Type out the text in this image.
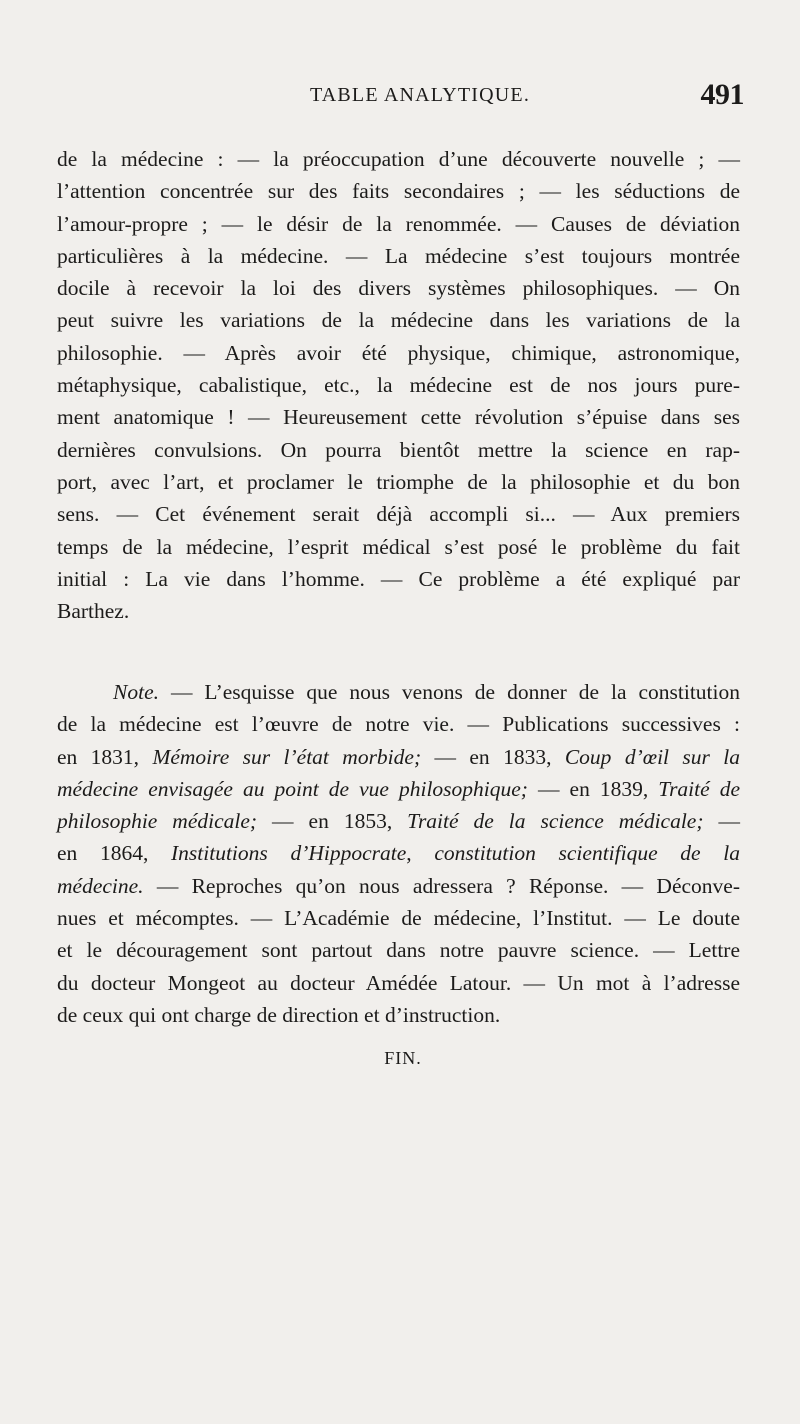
TABLE ANALYTIQUE.	491
de la médecine : — la préoccupation d’une découverte nouvelle ; —
l’attention concentrée sur des faits secondaires ; — les séductions de
l’amour-propre ; — le désir de la renommée. — Causes de déviation
particulières à la médecine. — La médecine s’est toujours montrée
docile à recevoir la loi des divers systèmes philosophiques. — On
peut suivre les variations de la médecine dans les variations de la
philosophie. — Après avoir été physique, chimique, astronomique,
métaphysique, cabalistique, etc., la médecine est de nos jours pure-
ment anatomique ! — Heureusement cette révolution s’épuise dans ses
dernières convulsions. On pourra bientôt mettre la science en rap-
port, avec l’art, et proclamer le triomphe de la philosophie et du bon
sens. — Cet événement serait déjà accompli si... — Aux premiers
temps de la médecine, l’esprit médical s’est posé le problème du fait
initial : La vie dans l’homme. — Ce problème a été expliqué par
Barthez.
Note. — L’esquisse que nous venons de donner de la constitution
de la médecine est l’œuvre de notre vie. — Publications successives :
en 1831, Mémoire sur l’état morbide; — en 1833, Coup d’œil sur la
médecine envisagée au point de vue philosophique; — en 1839, Traité de
philosophie médicale; — en 1853, Traité de la science médicale; —
en 1864, Institutions d’Hippocrate, constitution scientifique de la
médecine. — Reproches qu’on nous adressera ? Réponse. — Déconve-
nues et mécomptes. — L’Académie de médecine, l’Institut. — Le doute
et le découragement sont partout dans notre pauvre science. — Lettre
du docteur Mongeot au docteur Amédée Latour. — Un mot à l’adresse
de ceux qui ont charge de direction et d’instruction.
FIN.
